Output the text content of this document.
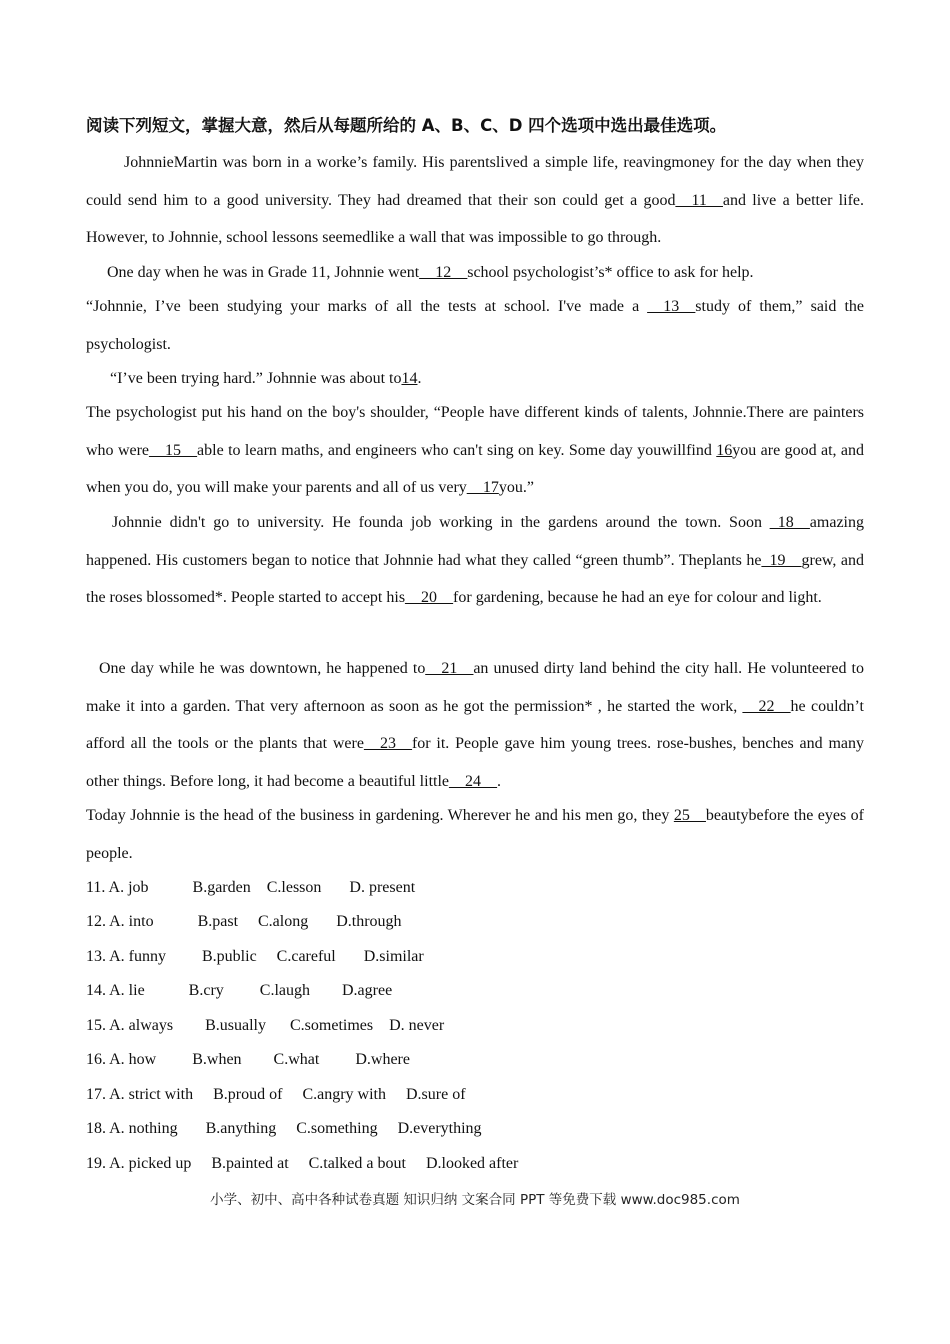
阅读下列短文，掌握大意，然后从每题所给的 A、B、C、D 四个选项中选出最佳选项。
JohnnieMartin was born in a worke’s family. His parentslived a simple life, reavingmoney for the day when they could send him to a good university. They had dreamed that their son could get a good__11__and live a better life. However, to Johnnie, school lessons seemedlike a wall that was impossible to go through.
One day when he was in Grade 11, Johnnie went__12__school psychologist’s* office to ask for help.
“Johnnie, I’ve been studying your marks of all the tests at school. I've made a __13__study of them,” said the psychologist.
“I’ve been trying hard.” Johnnie was about to14.
The psychologist put his hand on the boy's shoulder, “People have different kinds of talents, Johnnie.There are painters who were__15__able to learn maths, and engineers who can't sing on key. Some day youwillfind 16you are good at, and when you do, you will make your parents and all of us very__17you.”
Johnnie didn't go to university. He founda job working in the gardens around the town. Soon _18__amazing happened. His customers began to notice that Johnnie had what they called “green thumb”. Theplants he_19__grew, and the roses blossomed*. People started to accept his__20__for gardening, because he had an eye for colour and light.
One day while he was downtown, he happened to__21__an unused dirty land behind the city hall. He volunteered to make it into a garden. That very afternoon as soon as he got the permission* , he started the work, __22__he couldn’t afford all the tools or the plants that were__23__for it. People gave him young trees. rose-bushes, benches and many other things. Before long, it had become a beautiful little__24__.
Today Johnnie is the head of the business in gardening. Wherever he and his men go, they 25__beautybefore the eyes of people.
11. A. job           B.garden    C.lesson       D. present
12. A. into           B.past     C.along       D.through
13. A. funny         B.public     C.careful       D.similar
14. A. lie           B.cry         C.laugh        D.agree
15. A. always        B.usually      C.sometimes    D. never
16. A. how         B.when        C.what         D.where
17. A. strict with     B.proud of     C.angry with     D.sure of
18. A. nothing       B.anything     C.something     D.everything
19. A. picked up     B.painted at     C.talked a bout     D.looked after
小学、初中、高中各种试卷真题 知识归纳 文案合同 PPT 等免费下载 www.doc985.com
